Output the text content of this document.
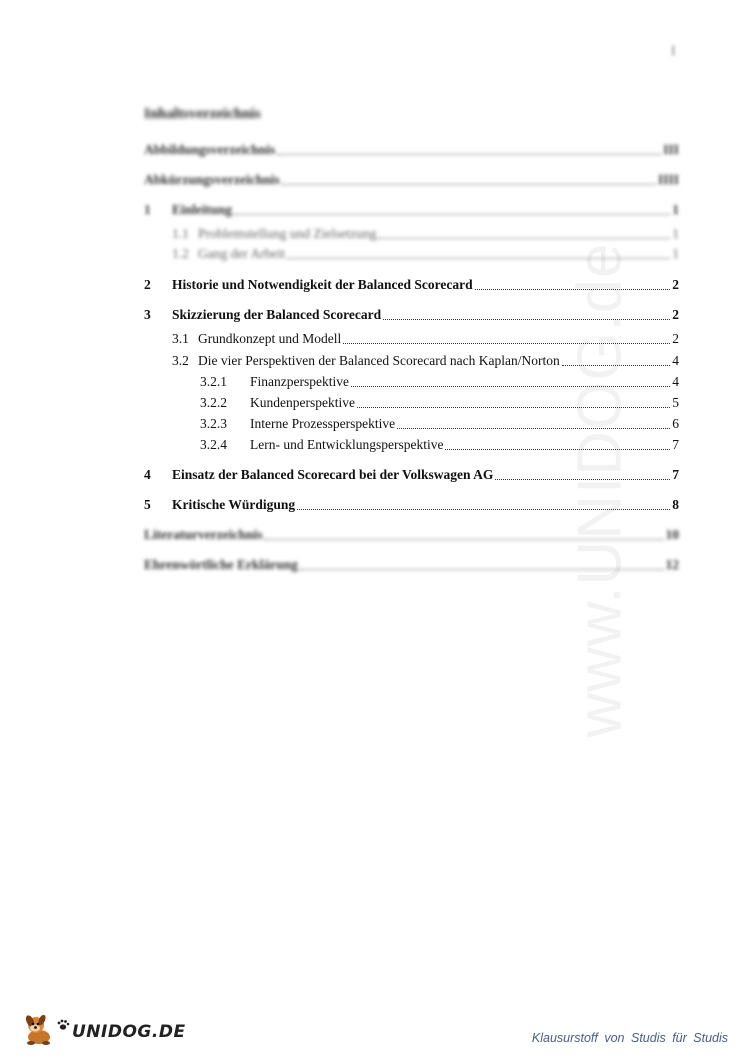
I
www.UNIDOG.de
Inhaltsverzeichnis
Abbildungsverzeichnis	III
Abkürzungsverzeichnis	IIII
1	Einleitung	1
1.1 Problemstellung und Zielsetzung	1
1.2 Gang der Arbeit	1
2	Historie und Notwendigkeit der Balanced Scorecard	2
3	Skizzierung der Balanced Scorecard	2
3.1 Grundkonzept und Modell	2
3.2 Die vier Perspektiven der Balanced Scorecard nach Kaplan/Norton	4
3.2.1	Finanzperspektive	4
3.2.2	Kundenperspektive	5
3.2.3	Interne Prozessperspektive	6
3.2.4	Lern- und Entwicklungsperspektive	7
4	Einsatz der Balanced Scorecard bei der Volkswagen AG	7
5	Kritische Würdigung	8
Literaturverzeichnis	10
Ehrenwörtliche Erklärung	12
UNIDOG.DE	Klausurstoff von Studis für Studis
